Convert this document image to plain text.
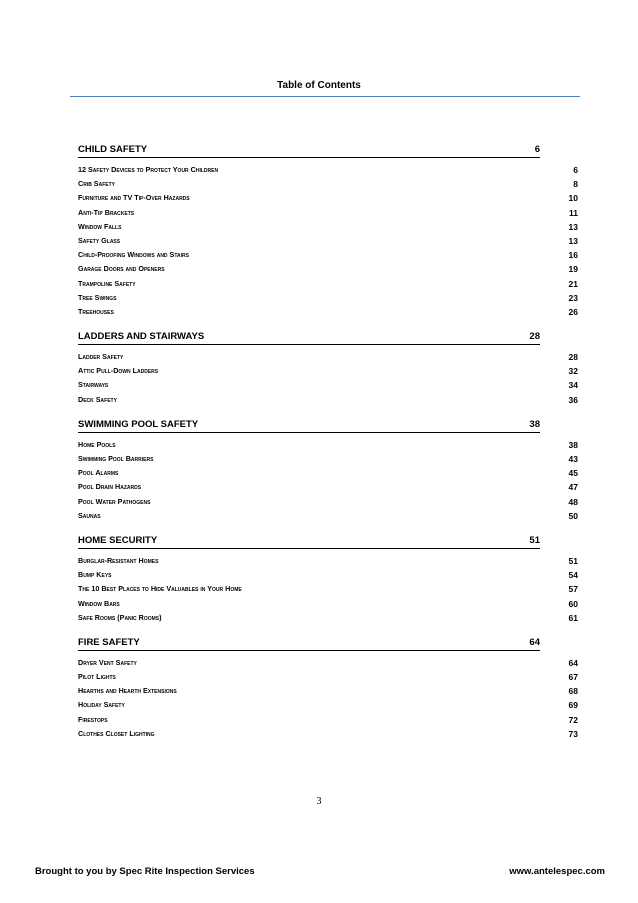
Table of Contents
CHILD SAFETY	6
12 Safety Devices to Protect Your Children	6
Crib Safety	8
Furniture and TV Tip-Over Hazards	10
Anti-Tip Brackets	11
Window Falls	13
Safety Glass	13
Child-Proofing Windows and Stairs	16
Garage Doors and Openers	19
Trampoline Safety	21
Tree Swings	23
Treehouses	26
LADDERS AND STAIRWAYS	28
Ladder Safety	28
Attic Pull-Down Ladders	32
Stairways	34
Deck Safety	36
SWIMMING POOL SAFETY	38
Home Pools	38
Swimming Pool Barriers	43
Pool Alarms	45
Pool Drain Hazards	47
Pool Water Pathogens	48
Saunas	50
HOME SECURITY	51
Burglar-Resistant Homes	51
Bump Keys	54
The 10 Best Places to Hide Valuables in Your Home	57
Window Bars	60
Safe Rooms (Panic Rooms)	61
FIRE SAFETY	64
Dryer Vent Safety	64
Pilot Lights	67
Hearths and Hearth Extensions	68
Holiday Safety	69
Firestops	72
Clothes Closet Lighting	73
3
Brought to you by Spec Rite Inspection Services	www.antelespec.com
